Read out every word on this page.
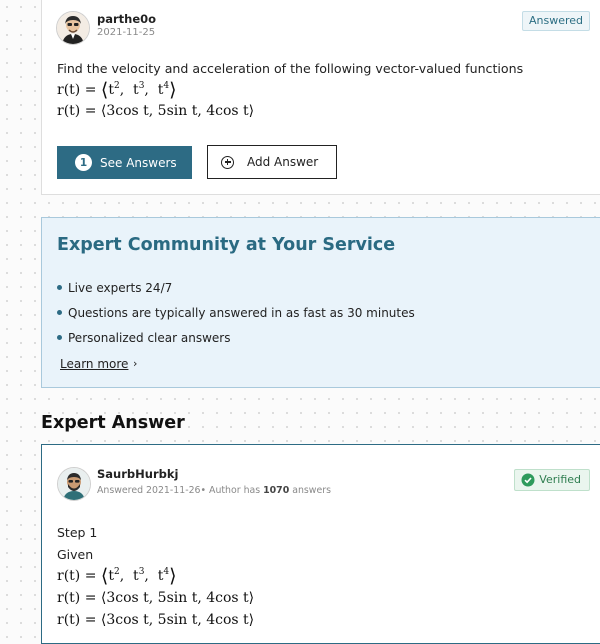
parthe0o
2021-11-25
Answered
Find the velocity and acceleration of the following vector-valued functions
$r(t) = ⟨t^2$,  $t^3$,  $t^4⟩$
r(t) = ⟨3cos t, 5sin t, 4cos t⟩
1	See Answers	Add Answer
Expert Community at Your Service
Live experts 24/7
Questions are typically answered in as fast as 30 minutes
Personalized clear answers
Learn more ›
Expert Answer
SaurbHurbkj
Answered 2021-11-26• Author has 1070 answers
Verified
Step 1
Given
$r(t) = ⟨t^2$,  $t^3$,  $t^4⟩$
r(t) = ⟨3cos t, 5sin t, 4cos t⟩
r(t) = ⟨3cos t, 5sin t, 4cos t⟩
